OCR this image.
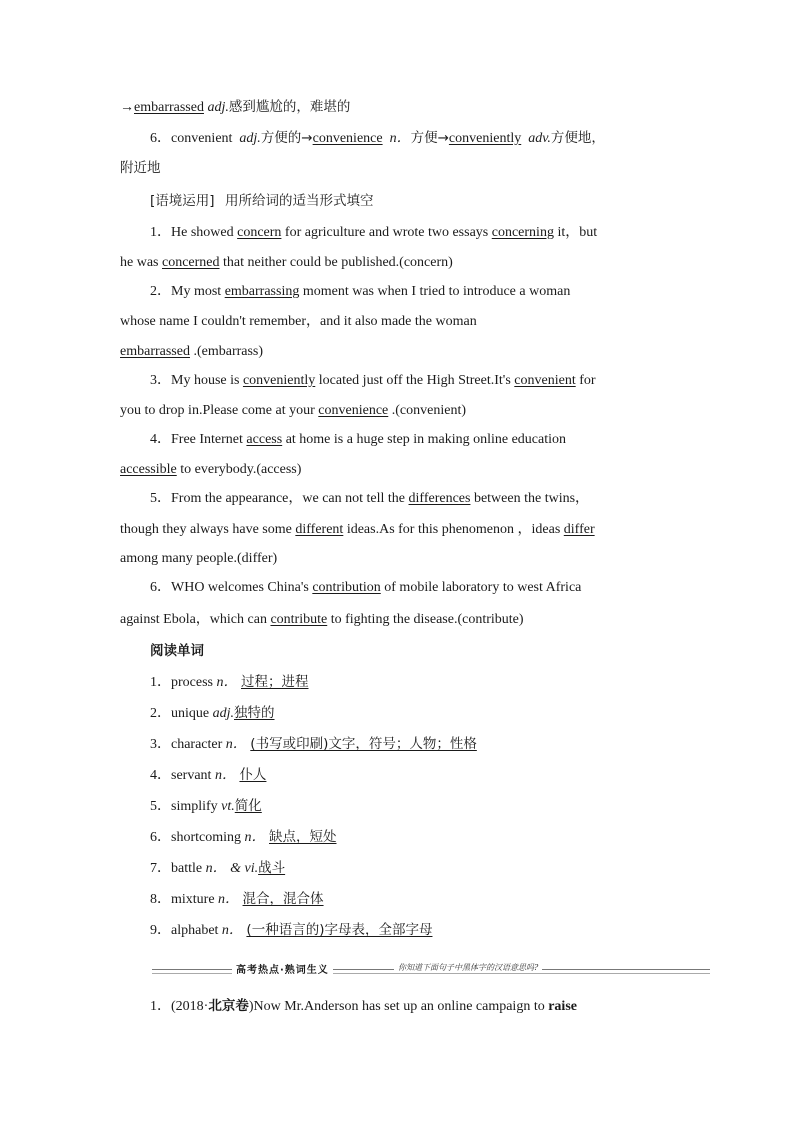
→embarrassed adj.感到尴尬的，难堪的
6．convenient adj.方便的→convenience n．方便→conveniently adv.方便地，
附近地
[语境运用] 用所给词的适当形式填空
1．He showed concern for agriculture and wrote two essays concerning it，but
he was concerned that neither could be published.(concern)
2．My most embarrassing moment was when I tried to introduce a woman
whose name I couldn't remember，and it also made the woman
embarrassed .(embarrass)
3．My house is conveniently located just off the High Street.It's convenient for
you to drop in.Please come at your convenience .(convenient)
4．Free Internet access at home is a huge step in making online education
accessible to everybody.(access)
5．From the appearance，we can not tell the differences between the twins，
though they always have some different ideas.As for this phenomenon ，ideas differ
among many people.(differ)
6．WHO welcomes China's contribution of mobile laboratory to west Africa
against Ebola，which can contribute to fighting the disease.(contribute)
阅读单词
1．process n． 过程；进程
2．unique adj.独特的
3．character n． (书写或印刷)文字，符号；人物；性格
4．servant n． 仆人
5．simplify vt.简化
6．shortcoming n． 缺点，短处
7．battle n． & vi.战斗
8．mixture n． 混合，混合体
9．alphabet n． (一种语言的)字母表，全部字母
高考热点·熟词生义	你知道下面句子中黑体字的汉语意思吗?
1．(2018·北京卷)Now Mr.Anderson has set up an online campaign to raise
